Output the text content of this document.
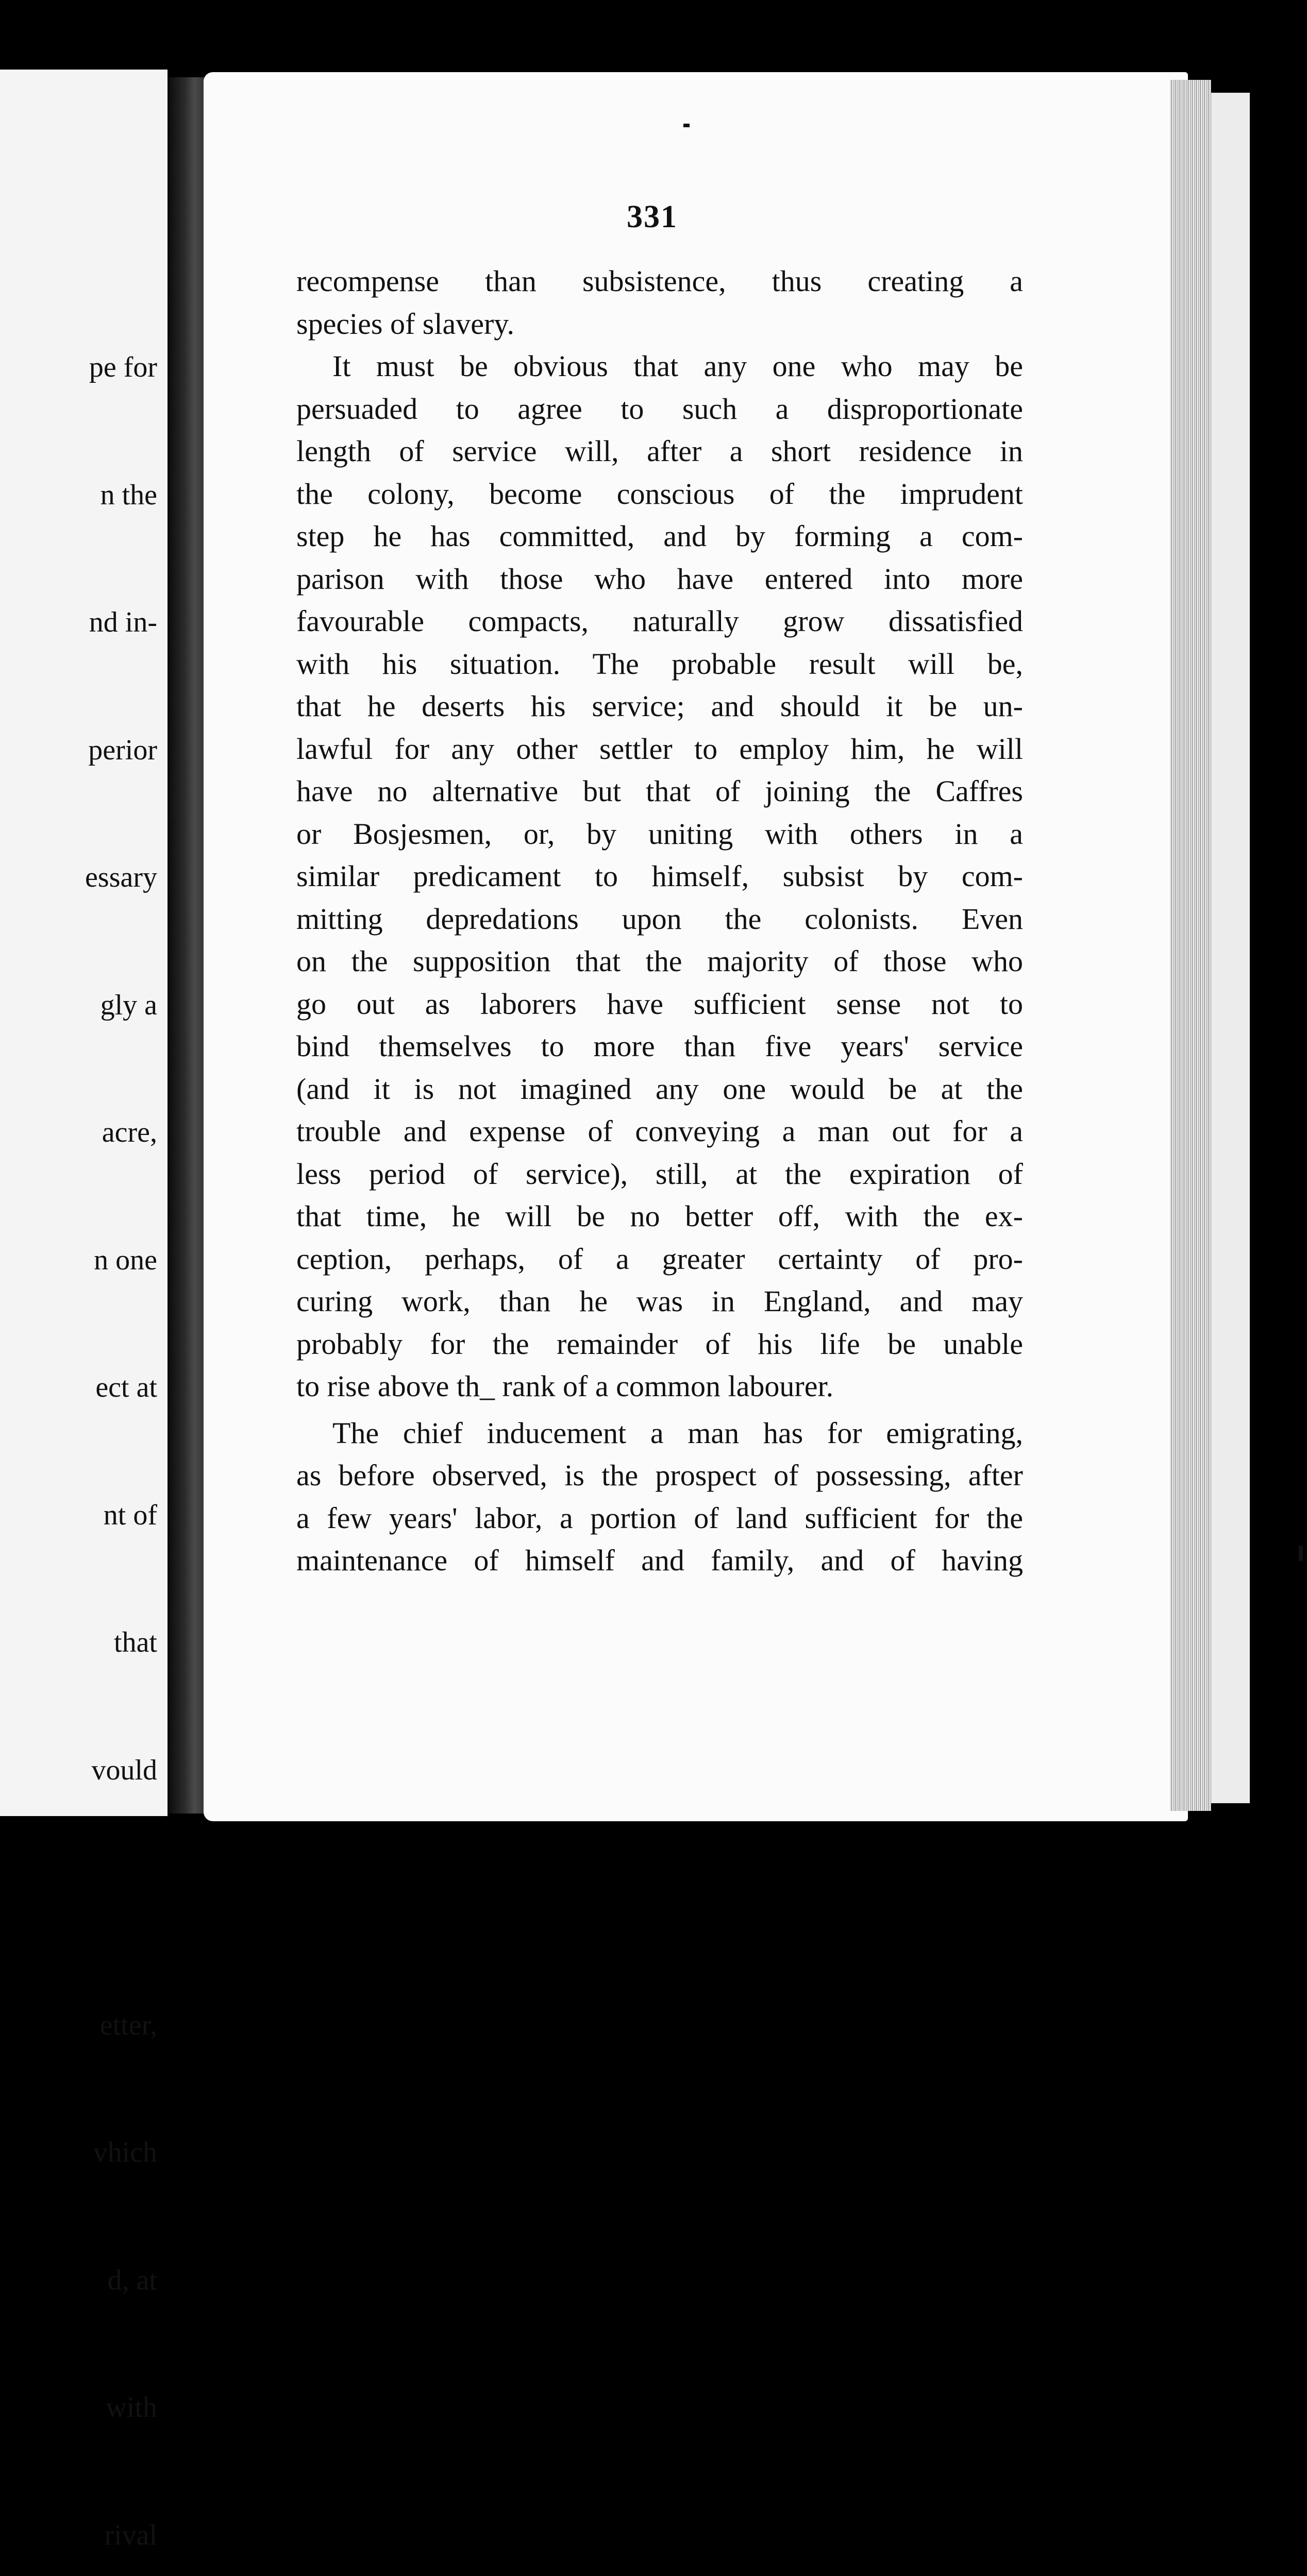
pe for

n the

nd in-

perior

essary

gly a

acre,

n one

ect at

nt of

that

vould

etter,

vhich

d, at

with

rival

331
recompense than subsistence, thus creating a
species of slavery.
It must be obvious that any one who may be
persuaded to agree to such a disproportionate
length of service will, after a short residence in
the colony, become conscious of the imprudent
step he has committed, and by forming a com-
parison with those who have entered into more
favourable compacts, naturally grow dissatisfied
with his situation. The probable result will be,
that he deserts his service; and should it be un-
lawful for any other settler to employ him, he will
have no alternative but that of joining the Caffres
or Bosjesmen, or, by uniting with others in a
similar predicament to himself, subsist by com-
mitting depredations upon the colonists. Even
on the supposition that the majority of those who
go out as laborers have sufficient sense not to
bind themselves to more than five years' service
(and it is not imagined any one would be at the
trouble and expense of conveying a man out for a
less period of service), still, at the expiration of
that time, he will be no better off, with the ex-
ception, perhaps, of a greater certainty of pro-
curing work, than he was in England, and may
probably for the remainder of his life be unable
to rise above th_ rank of a common labourer.
The chief inducement a man has for emigrating,
as before observed, is the prospect of possessing, after
a few years' labor, a portion of land sufficient for the
maintenance of himself and family, and of having
